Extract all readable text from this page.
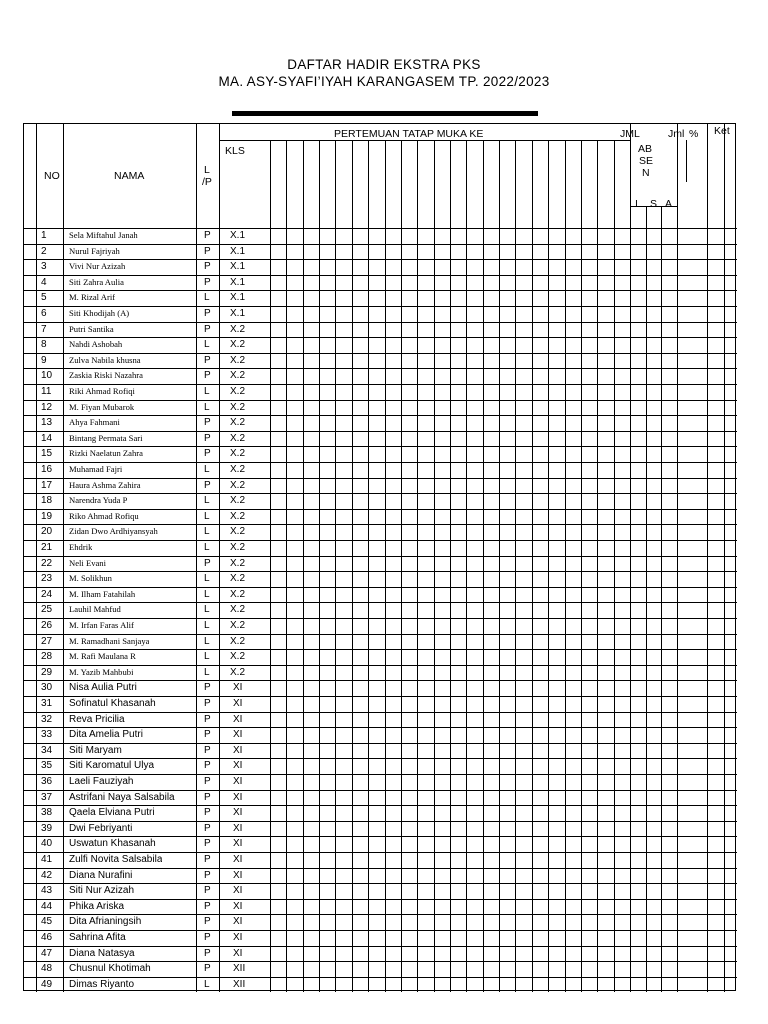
DAFTAR HADIR EKSTRA PKS
MA. ASY-SYAFI’IYAH KARANGASEM TP. 2022/2023
NO	NAMA	L
/P
PERTEMUAN TATAP MUKA KE	JML	Jml % Ket
KLS	AB
SE
N
I S A
1	Sela Miftahul Janah	P X.1
2	Nurul Fajriyah	P X.1
3	Vivi Nur Azizah	P X.1
4	Siti Zahra Aulia	P X.1
5	M. Rizal Arif	L X.1
6	Siti Khodijah (A)	P X.1
7	Putri Santika	P X.2
8	Nahdi Ashobah	L X.2
9	Zulva Nabila khusna	P X.2
10 Zaskia Riski Nazahra	P X.2
11 Riki Ahmad Rofiqi	L X.2
12 M. Fiyan Mubarok	L X.2
13 Ahya Fahmani	P X.2
14 Bintang Permata Sari	P X.2
15 Rizki Naelatun Zahra	P X.2
16 Muhamad Fajri	L X.2
17 Haura Ashma Zahira	P X.2
18 Narendra Yuda P	L X.2
19 Riko Ahmad Rofiqu	L X.2
20 Zidan Dwo Ardhiyansyah	L X.2
21 Ehdrik	L X.2
22 Neli Evani	P X.2
23 M. Solikhun	L X.2
24 M. Ilham Fatahilah	L X.2
25 Lauhil Mahfud	L X.2
26 M. Irfan Faras Alif	L X.2
27 M. Ramadhani Sanjaya	L X.2
28 M. Rafi Maulana R	L X.2
29 M. Yazib Mahbubi	L X.2
30 Nisa Aulia Putri	P XI
31 Sofinatul Khasanah	P XI
32 Reva Pricilia	P XI
33 Dita Amelia Putri	P XI
34 Siti Maryam	P XI
35 Siti Karomatul Ulya	P XI
36 Laeli Fauziyah	P XI
37 Astrifani Naya Salsabila	P XI
38 Qaela Elviana Putri	P XI
39 Dwi Febriyanti	P XI
40 Uswatun Khasanah	P XI
41 Zulfi Novita Salsabila	P XI
42 Diana Nurafini	P XI
43 Siti Nur Azizah	P XI
44 Phika Ariska	P XI
45 Dita Afrianingsih	P XI
46 Sahrina Afita	P XI
47 Diana Natasya	P XI
48 Chusnul Khotimah	P XII
49 Dimas Riyanto	L XII
